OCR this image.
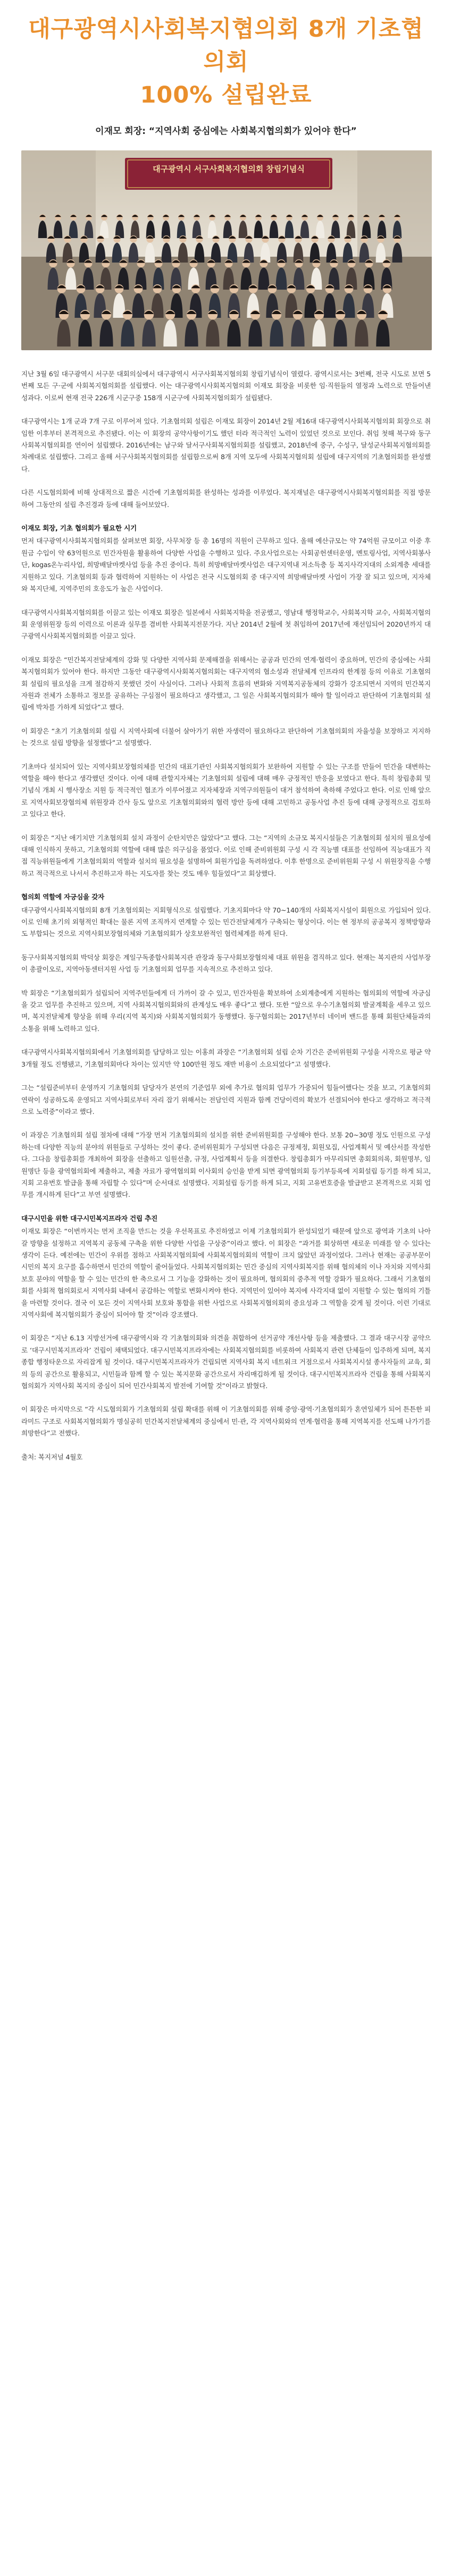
대구광역시사회복지협의회 8개 기초협의회
100% 설립완료
이재모 회장: “지역사회 중심에는 사회복지협의회가 있어야 한다”
대구광역시 서구사회복지협의회 창립기념식

지난 3월 6일 대구광역시 서구문 대회의실에서 대구광역시 서구사회복지협의회 창립기념식이 열렸다. 광역시로서는 3번째, 전국 시도로 보면 5번째 모든 구·군에 사회복지협의회를 설립했다. 이는 대구광역시사회복지협의회 이재모 회장을 비롯한 임·직원들의 열정과 노력으로 만들어낸 성과다. 이로써 현재 전국 226개 시군구중 158개 시군구에 사회복지협의회가 설립됐다.

대구광역시는 1개 군과 7개 구로 이루어져 있다. 기초협의회 설립은 이재모 회장이 2014년 2월 제16대 대구광역시사회복지협의회 회장으로 취임한 이후부터 본격적으로 추진됐다. 이는 이 회장의 공약사항이기도 했던 터라 적극적인 노력이 있었던 것으로 보인다. 취임 첫해 북구와 동구사회복지협의회를 연이어 설립했다. 2016년에는 남구와 달서구사회복지협의회를 설립했고, 2018년에 중구, 수성구, 달성군사회복지협의회를 차례대로 설립했다. 그리고 올해 서구사회복지협의회를 설립함으로써 8개 지역 모두에 사회복지협의회 설립에 대구지역의 기초협의회를 완성했다.

다른 시도협의회에 비해 상대적으로 짧은 시간에 기초협의회를 완성하는 성과를 이루었다. 복지재널은 대구광역시사회복지협의회를 직접 방문하여 그동안의 설립 추진경과 등에 대해 들어보았다.

이재모 회장, 기초 협의회가 필요한 시기

먼저 대구광역시사회복지협의회를 살펴보면 회장, 사무처장 등 총 16명의 직원이 근무하고 있다. 올해 예산규모는 약 74억원 규모이고 이중 후원금 수입이 약 63억원으로 민간자원을 활용하여 다양한 사업을 수행하고 있다. 주요사업으로는 사회공헌센터운영, 멘토링사업, 지역사회봉사단, kogas온누리사업, 희망배달마켓사업 등을 추진 중이다. 특히 희망배달마켓사업은 대구지역내 저소득층 등 복지사각지대의 소외계층 세대를 지원하고 있다. 기초협의회 등과 협력하여 지원하는 이 사업은 전국 시도협의회 중 대구지역 희망배달마켓 사업이 가장 잘 되고 있으며, 지자체와 복지단체, 지역주민의 호응도가 높은 사업이다.

대구광역시사회복지협의회를 이끌고 있는 이재모 회장은 일본에서 사회복지학을 전공했고, 영남대 행정학교수, 사회복지학 교수, 사회복지협의회 운영위원장 등의 이력으로 이론과 실무를 겸비한 사회복지전문가다. 지난 2014년 2월에 첫 취임하여 2017년에 재선임되어 2020년까지 대구광역시사회복지협의회를 이끌고 있다.

이재모 회장은 “민간복지전달체계의 강화 및 다양한 지역사회 문제해결을 위해서는 공공과 민간의 연계·협력이 중요하며, 민간의 중심에는 사회복지협의회가 있어야 한다. 하지만 그동안 대구광역시사회복지협의회는 대구지역의 협소성과 전달체계 인프라의 한계점 등의 이유로 기초협의회 설립의 필요성을 크게 절감하지 못했던 것이 사실이다. 그러나 사회적 흐름의 변화와 지역복지공동체의 강화가 강조되면서 지역의 민간복지자원과 전체가 소통하고 정보를 공유하는 구심점이 필요하다고 생각했고, 그 일은 사회복지협의회가 해야 할 일이라고 판단하여 기초협의회 설립에 박차를 가하게 되었다”고 했다.

이 회장은 “초기 기초협의회 설립 시 지역사회에 더불어 살아가기 위한 자생력이 필요하다고 판단하여 기초협의회의 자율성을 보장하고 지지하는 것으로 설립 방향을 설정했다”고 설명했다.

기초마다 설치되어 있는 지역사회보장협의체를 민간의 대표기관인 사회복지협의회가 보완하여 지원할 수 있는 구조를 만들어 민간을 대변하는 역할을 해야 한다고 생각했던 것이다. 이에 대해 관할지자체는 기초협의회 설립에 대해 매우 긍정적인 반응을 보였다고 한다. 특히 창립총회 및 기념식 개최 시 행사장소 지원 등 적극적인 협조가 이루어졌고 지자체장과 지역구의원들이 대거 참석하여 축하해 주었다고 한다. 이로 인해 앞으로 지역사회보장협의체 위원장과 간사 등도 앞으로 기초협의회와의 협력 방안 등에 대해 고민하고 공동사업 추진 등에 대해 긍정적으로 검토하고 있다고 한다.

이 회장은 “지난 애기치만 기초협의회 설치 과정이 순탄치만은 않았다”고 했다. 그는 “지역의 소규모 복지시설들은 기초협의회 설치의 필요성에 대해 인식하지 못하고, 기초협의회 역할에 대해 많은 의구심을 품었다. 이로 인해 준비위원회 구성 시 각 직능별 대표를 선임하여 직능대표가 직접 직능위원들에게 기초협의회의 역할과 설치의 필요성을 설명하여 회원가입을 독려하였다. 이후 한명으로 준비위원회 구성 시 위원장직을 수행하고 적극적으로 나서서 추진하고자 하는 지도자를 찾는 것도 매우 힘들었다”고 회상했다.

협의회 역할에 자긍심을 갖자

대구광역시사회복지협의회 8개 기초협의회는 지회형식으로 설립했다. 기초지회마다 약 70~140개의 사회복지시설이 회원으로 가입되어 있다. 이로 인해 초기의 외형적인 확대는 물론 지역 조직까지 연계할 수 있는 민간전달체계가 구축되는 형상이다. 이는 현 정부의 공공복지 정책방향과도 부합되는 것으로 지역사회보장협의체와 기초협의회가 상호보완적인 협력체계를 하게 된다.

동구사회복지협의회 박덕상 회장은 계일구독종합사회복지관 관장과 동구사회보장협의체 대표 위원을 겸직하고 있다. 현재는 복지관의 사업부장이 총괄이오로, 지역아동센터지원 사업 등 기초협의회 업무를 지속적으로 추진하고 있다.

박 회장은 “기초협의회가 설립되어 지역주민들에게 더 가까이 갈 수 있고, 민간자원을 확보하여 소외계층에게 지원하는 협의회의 역할에 자긍심을 갖고 업무를 추진하고 있으며, 지역 사회복지협의회와의 관계성도 매우 좋다”고 했다. 또한 “앞으로 우수기초협의회 발굴계획을 세우고 있으며, 복지전달체계 향상을 위해 우리(지역 복지)와 사회복지협의회가 동행했다. 동구협의회는 2017년부터 네이버 밴드를 통해 회원단체들과의 소통을 위해 노력하고 있다.

대구광역시사회복지협의회에서 기초협의회를 담당하고 있는 이홍희 과장은 “기초협의회 설립 순차 기간은 준비위원회 구성을 시작으로 평균 약 3개월 정도 진행됐고, 기초협의회마다 차이는 있지만 약 100만원 정도 재반 비용이 소요되었다”고 설명했다.

그는 “설립준비부터 운영까지 기초협의회 담당자가 본연의 기준업무 외에 추가로 협의회 업무가 가중되어 힘들어했다는 것을 보고, 기초협의회 연락이 성공하도록 운영되고 지역사회로부터 자리 잡기 위해서는 전담인력 지원과 함께 건당이력의 확보가 선결되어야 한다고 생각하고 적극적으로 노력중”이라고 했다.

이 과장은 기초협의회 설립 절차에 대해 “가장 먼저 기초협의회의 설치를 위한 준비위원회를 구성해야 한다. 보통 20~30명 정도 인원으로 구성하는데 다양한 직능의 분야의 위원들로 구성하는 것이 좋다. 준비위원회가 구성되면 다음은 규정제정, 회원모집, 사업계획서 및 예산서를 작성한다. 그다음 창립총회를 개최하여 회장을 선출하고 임원선출, 규정, 사업계획서 등을 의결한다. 창립총회가 마무리되면 총회회의록, 회원명부, 임원명단 등을 광역협의회에 제출하고, 제출 자료가 광역협의회 이사회의 승인을 받게 되면 광역협의회 등기부등록에 지회설립 등기를 하게 되고, 지회 고유번호 발급을 통해 자립할 수 있다”며 순서대로 설명했다. 지회설립 등기를 하게 되고, 지회 고유번호증을 발급받고 본격적으로 지회 업무를 개시하게 된다”고 부연 설명했다.

대구시민을 위한 대구시민복지프라자 건립 추진

이재모 회장은 “이번까지는 먼저 조직을 만드는 것을 우선목표로 추진하였고 이제 기초협의회가 완성되었기 때문에 앞으로 광역과 기초의 나아갈 방향을 설정하고 지역복지 공동체 구축을 위한 다양한 사업을 구상중”이라고 했다. 이 회장은 “과거를 회상하면 새로운 미래를 알 수 있다는 생각이 든다. 예전에는 민간이 우위를 점하고 사회복지협의회에 사회복지협의회의 역할이 크지 않았던 과정이었다. 그러나 현재는 공공부문이 시민의 복지 요구를 흡수하면서 민간의 역할이 줄어들었다. 사회복지협의회는 민간 중심의 지역사회복지를 위해 협의체의 이나 자치와 지역사회보호 분야의 역할을 할 수 있는 민간의 한 축으로서 그 기능을 강화하는 것이 필요하며, 협의회의 중추적 역할 강화가 필요하다. 그래서 기초협의회를 사회적 협의회로서 지역사회 내에서 공감하는 역할로 변화시켜야 한다. 지역민이 있어야 복지에 사각지대 없이 지원할 수 있는 협의의 기틀을 마련할 것이다. 결국 이 모든 것이 지역사회 보호와 통합을 위한 사업으로 사회복지협의회의 중요성과 그 역할을 갖게 될 것이다. 이런 기대로 지역사회에 복지협의회가 중심이 되어야 할 것”이라 강조했다.

이 회장은 “지난 6.13 지방선거에 대구광역시와 각 기초협의회와 의견을 취합하여 선거공약 개선사항 등을 제출했다. 그 결과 대구시장 공약으로 ‘대구시민복지프라자’ 건립이 채택되었다. 대구시민복지프라자에는 사회복지협의회를 비롯하여 사회복지 관련 단체들이 입주하게 되며, 복지 종합 행정타운으로 자리잡게 될 것이다. 대구시민복지프라자가 건립되면 지역사회 복지 네트워크 거점으로서 사회복지시설 종사자들의 교육, 회의 등의 공간으로 활용되고, 시민들과 함께 할 수 있는 복지문화 공간으로서 자리매김하게 될 것이다. 대구시민복지프라자 건립을 통해 사회복지협의회가 지역사회 복지의 중심이 되어 민간사회복지 발전에 기여할 것”이라고 밝혔다.

이 회장은 마지막으로 “각 시도협의회가 기초협의회 설립 확대를 위해 이 기초협의회를 위해 중앙·광역·기초협의회가 혼연일체가 되어 튼튼한 피라미드 구조로 사회복지협의회가 명실공히 민간복지전달체계의 중심에서 민·관, 각 지역사회와의 연계·협력을 통해 지역복지를 선도해 나가기를 희망한다”고 전했다.

출처: 복지저널 4월호
